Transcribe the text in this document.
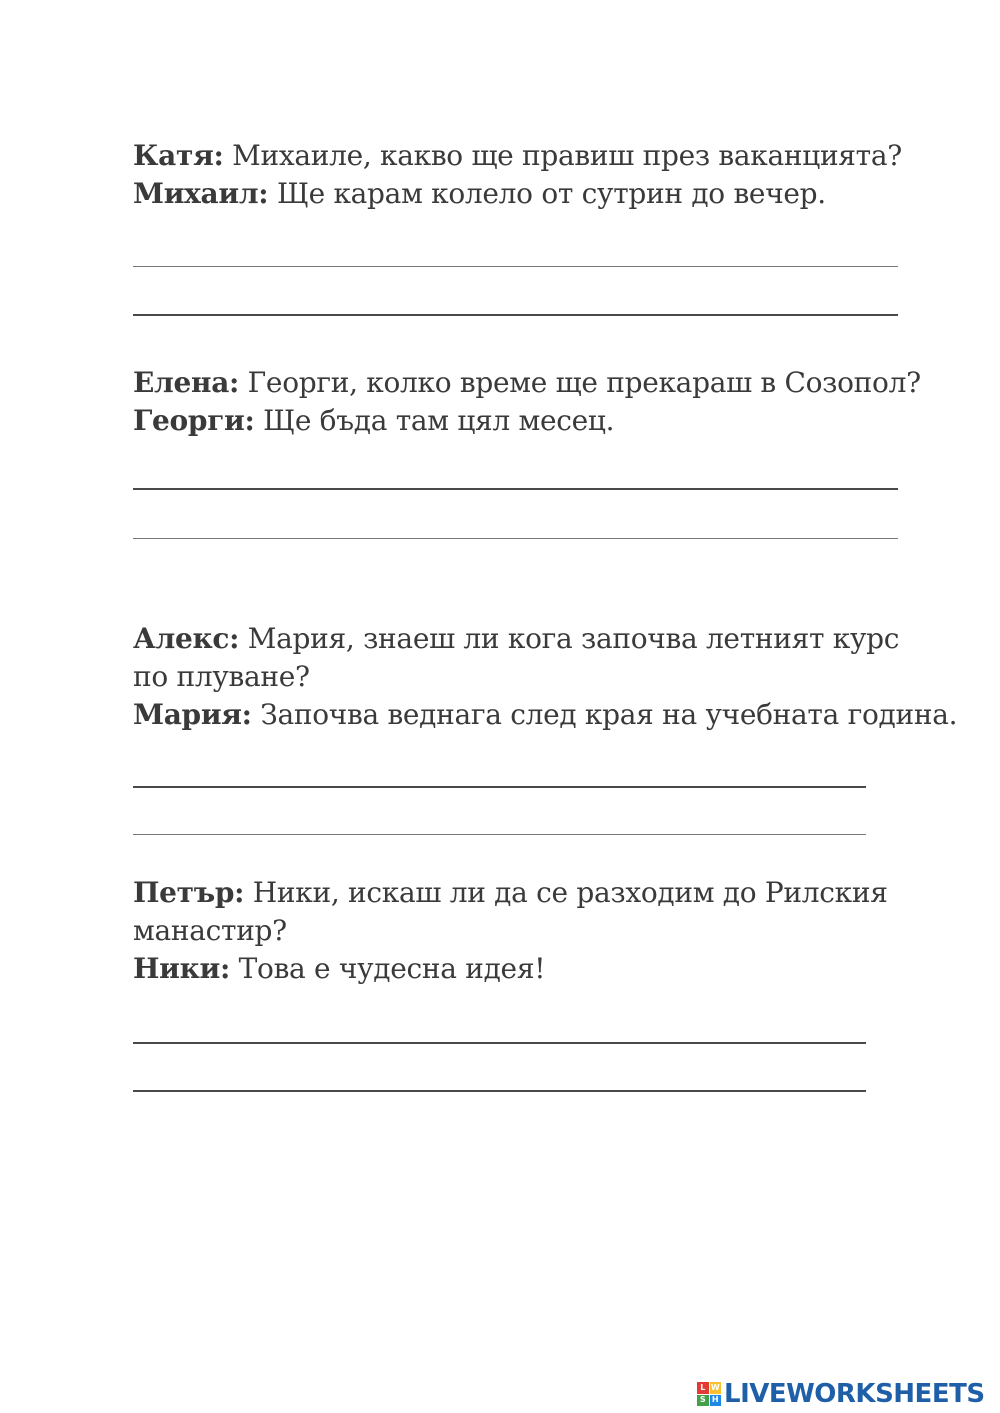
Катя: Михаиле, какво ще правиш през ваканцията?
Михаил: Ще карам колело от сутрин до вечер.
Елена: Георги, колко време ще прекараш в Созопол?
Георги: Ще бъда там цял месец.
Алекс: Мария, знаеш ли кога започва летният курс
по плуване?
Мария: Започва веднага след края на учебната година.
Петър: Ники, искаш ли да се разходим до Рилския
манастир?
Ники: Това е чудесна идея!
L W
S H LIVEWORKSHEETS
